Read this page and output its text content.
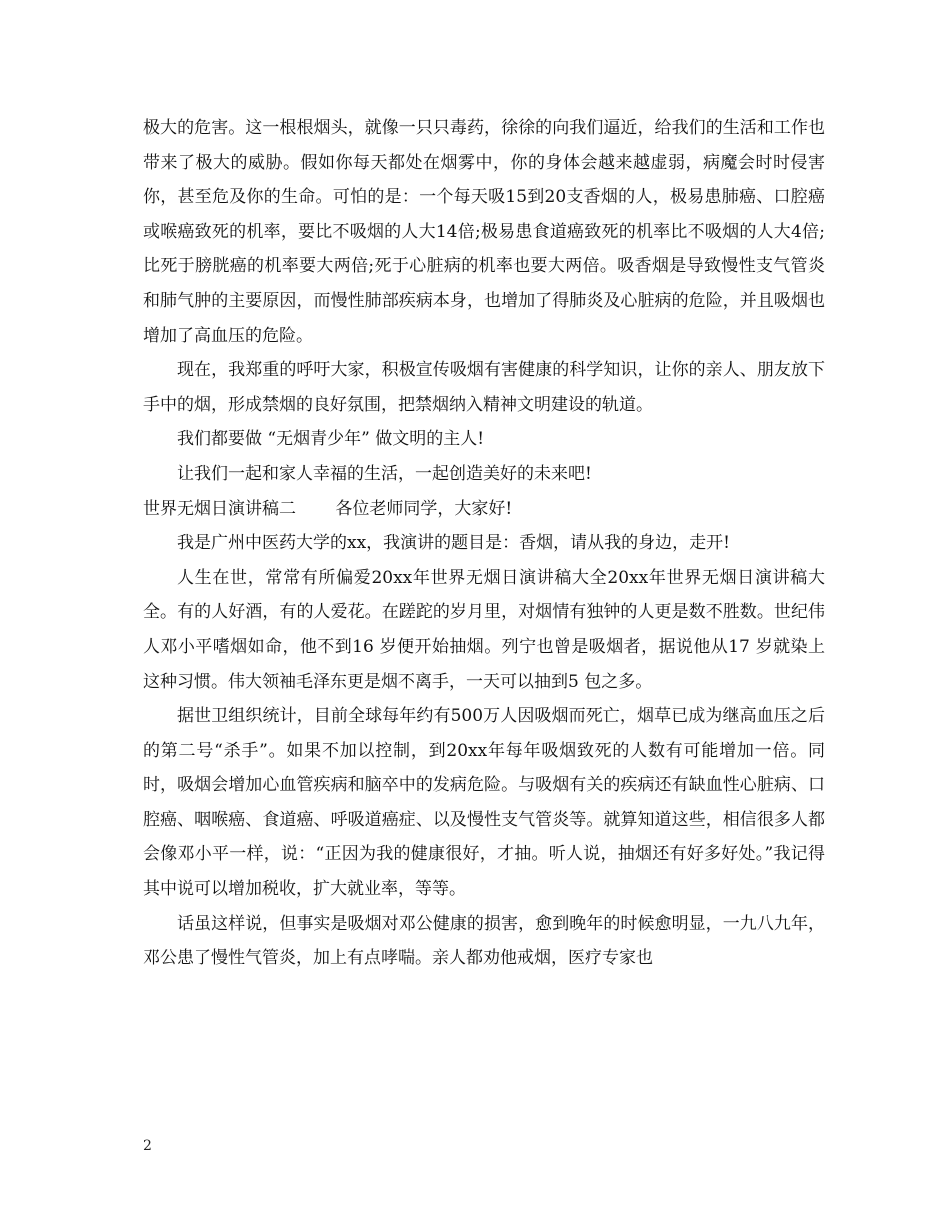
极大的危害。这一根根烟头，就像一只只毒药，徐徐的向我们逼近，给我们的生活和工作也带来了极大的威胁。假如你每天都处在烟雾中，你的身体会越来越虚弱，病魔会时时侵害你，甚至危及你的生命。可怕的是：一个每天吸15到20支香烟的人，极易患肺癌、口腔癌或喉癌致死的机率，要比不吸烟的人大14倍;极易患食道癌致死的机率比不吸烟的人大4倍;比死于膀胱癌的机率要大两倍;死于心脏病的机率也要大两倍。吸香烟是导致慢性支气管炎和肺气肿的主要原因，而慢性肺部疾病本身，也增加了得肺炎及心脏病的危险，并且吸烟也增加了高血压的危险。

现在，我郑重的呼吁大家，积极宣传吸烟有害健康的科学知识，让你的亲人、朋友放下手中的烟，形成禁烟的良好氛围，把禁烟纳入精神文明建设的轨道。

我们都要做 “无烟青少年” 做文明的主人!

让我们一起和家人幸福的生活，一起创造美好的未来吧!

世界无烟日演讲稿二 　　各位老师同学，大家好!

我是广州中医药大学的xx，我演讲的题目是：香烟，请从我的身边，走开!

人生在世，常常有所偏爱20xx年世界无烟日演讲稿大全20xx年世界无烟日演讲稿大全。有的人好酒，有的人爱花。在蹉跎的岁月里，对烟情有独钟的人更是数不胜数。世纪伟人邓小平嗜烟如命，他不到16 岁便开始抽烟。列宁也曾是吸烟者，据说他从17 岁就染上这种习惯。伟大领袖毛泽东更是烟不离手，一天可以抽到5 包之多。

据世卫组织统计，目前全球每年约有500万人因吸烟而死亡，烟草已成为继高血压之后的第二号“杀手”。如果不加以控制，到20xx年每年吸烟致死的人数有可能增加一倍。同时，吸烟会增加心血管疾病和脑卒中的发病危险。与吸烟有关的疾病还有缺血性心脏病、口腔癌、咽喉癌、食道癌、呼吸道癌症、以及慢性支气管炎等。就算知道这些，相信很多人都会像邓小平一样，说：“正因为我的健康很好，才抽。听人说，抽烟还有好多好处。”我记得其中说可以增加税收，扩大就业率，等等。

话虽这样说，但事实是吸烟对邓公健康的损害，愈到晚年的时候愈明显，一九八九年，邓公患了慢性气管炎，加上有点哮喘。亲人都劝他戒烟，医疗专家也

2
